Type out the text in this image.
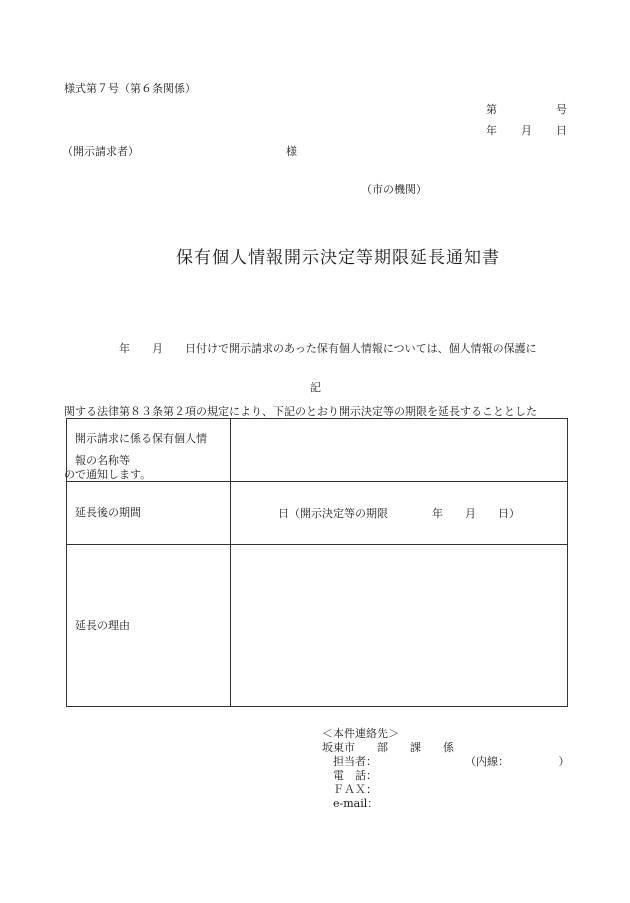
様式第７号（第６条関係）
第	号
年 月 日
（開示請求者）	様
（市の機関）
保有個人情報開示決定等期限延長通知書

　　　　　年　　月　　日付けで開示請求のあった保有個人情報については、個人情報の保護に

関する法律第８３条第２項の規定により、下記のとおり開示決定等の期限を延長することとした

ので通知します。

記
開示請求に係る保有個人情
報の名称等	

延長後の期間	日（開示決定等の期限　　　　年　　月　　日）
延長の理由	
＜本件連絡先＞
坂東市　　部　　課　　係
　担当者：　　　　　　　　　（内線：　　　　　）
　電　話：
　ＦＡＸ：
　e-mail：
